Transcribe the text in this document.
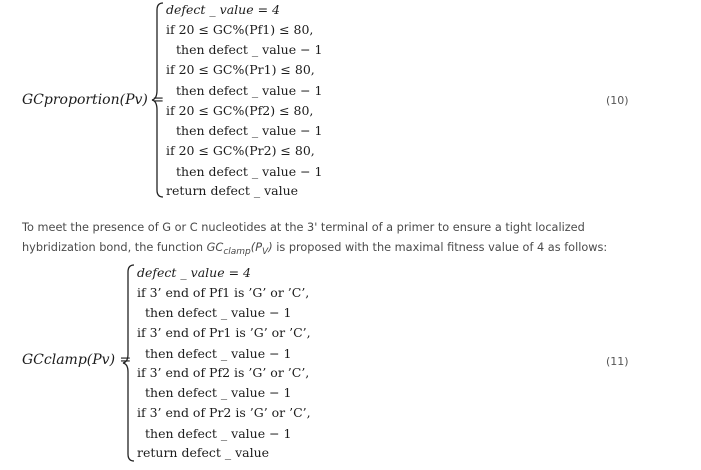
GCproportion(Pv) =
defect _ value = 4
if 20 ≤ GC%(Pf1) ≤ 80,
then defect _ value − 1
if 20 ≤ GC%(Pr1) ≤ 80,
then defect _ value − 1
if 20 ≤ GC%(Pf2) ≤ 80,
then defect _ value − 1
if 20 ≤ GC%(Pr2) ≤ 80,
then defect _ value − 1
return defect _ value
(10)
To meet the presence of G or C nucleotides at the 3' terminal of a primer to ensure a tight localized
hybridization bond, the function $GC_{clamp}(P_V)$ is proposed with the maximal fitness value of 4 as follows:
GCclamp(Pv) =
defect _ value = 4
if 3’ end of Pf1 is ’G’ or ’C’,
then defect _ value − 1
if 3’ end of Pr1 is ’G’ or ’C’,
then defect _ value − 1
if 3’ end of Pf2 is ’G’ or ’C’,
then defect _ value − 1
if 3’ end of Pr2 is ’G’ or ’C’,
then defect _ value − 1
return defect _ value
(11)
